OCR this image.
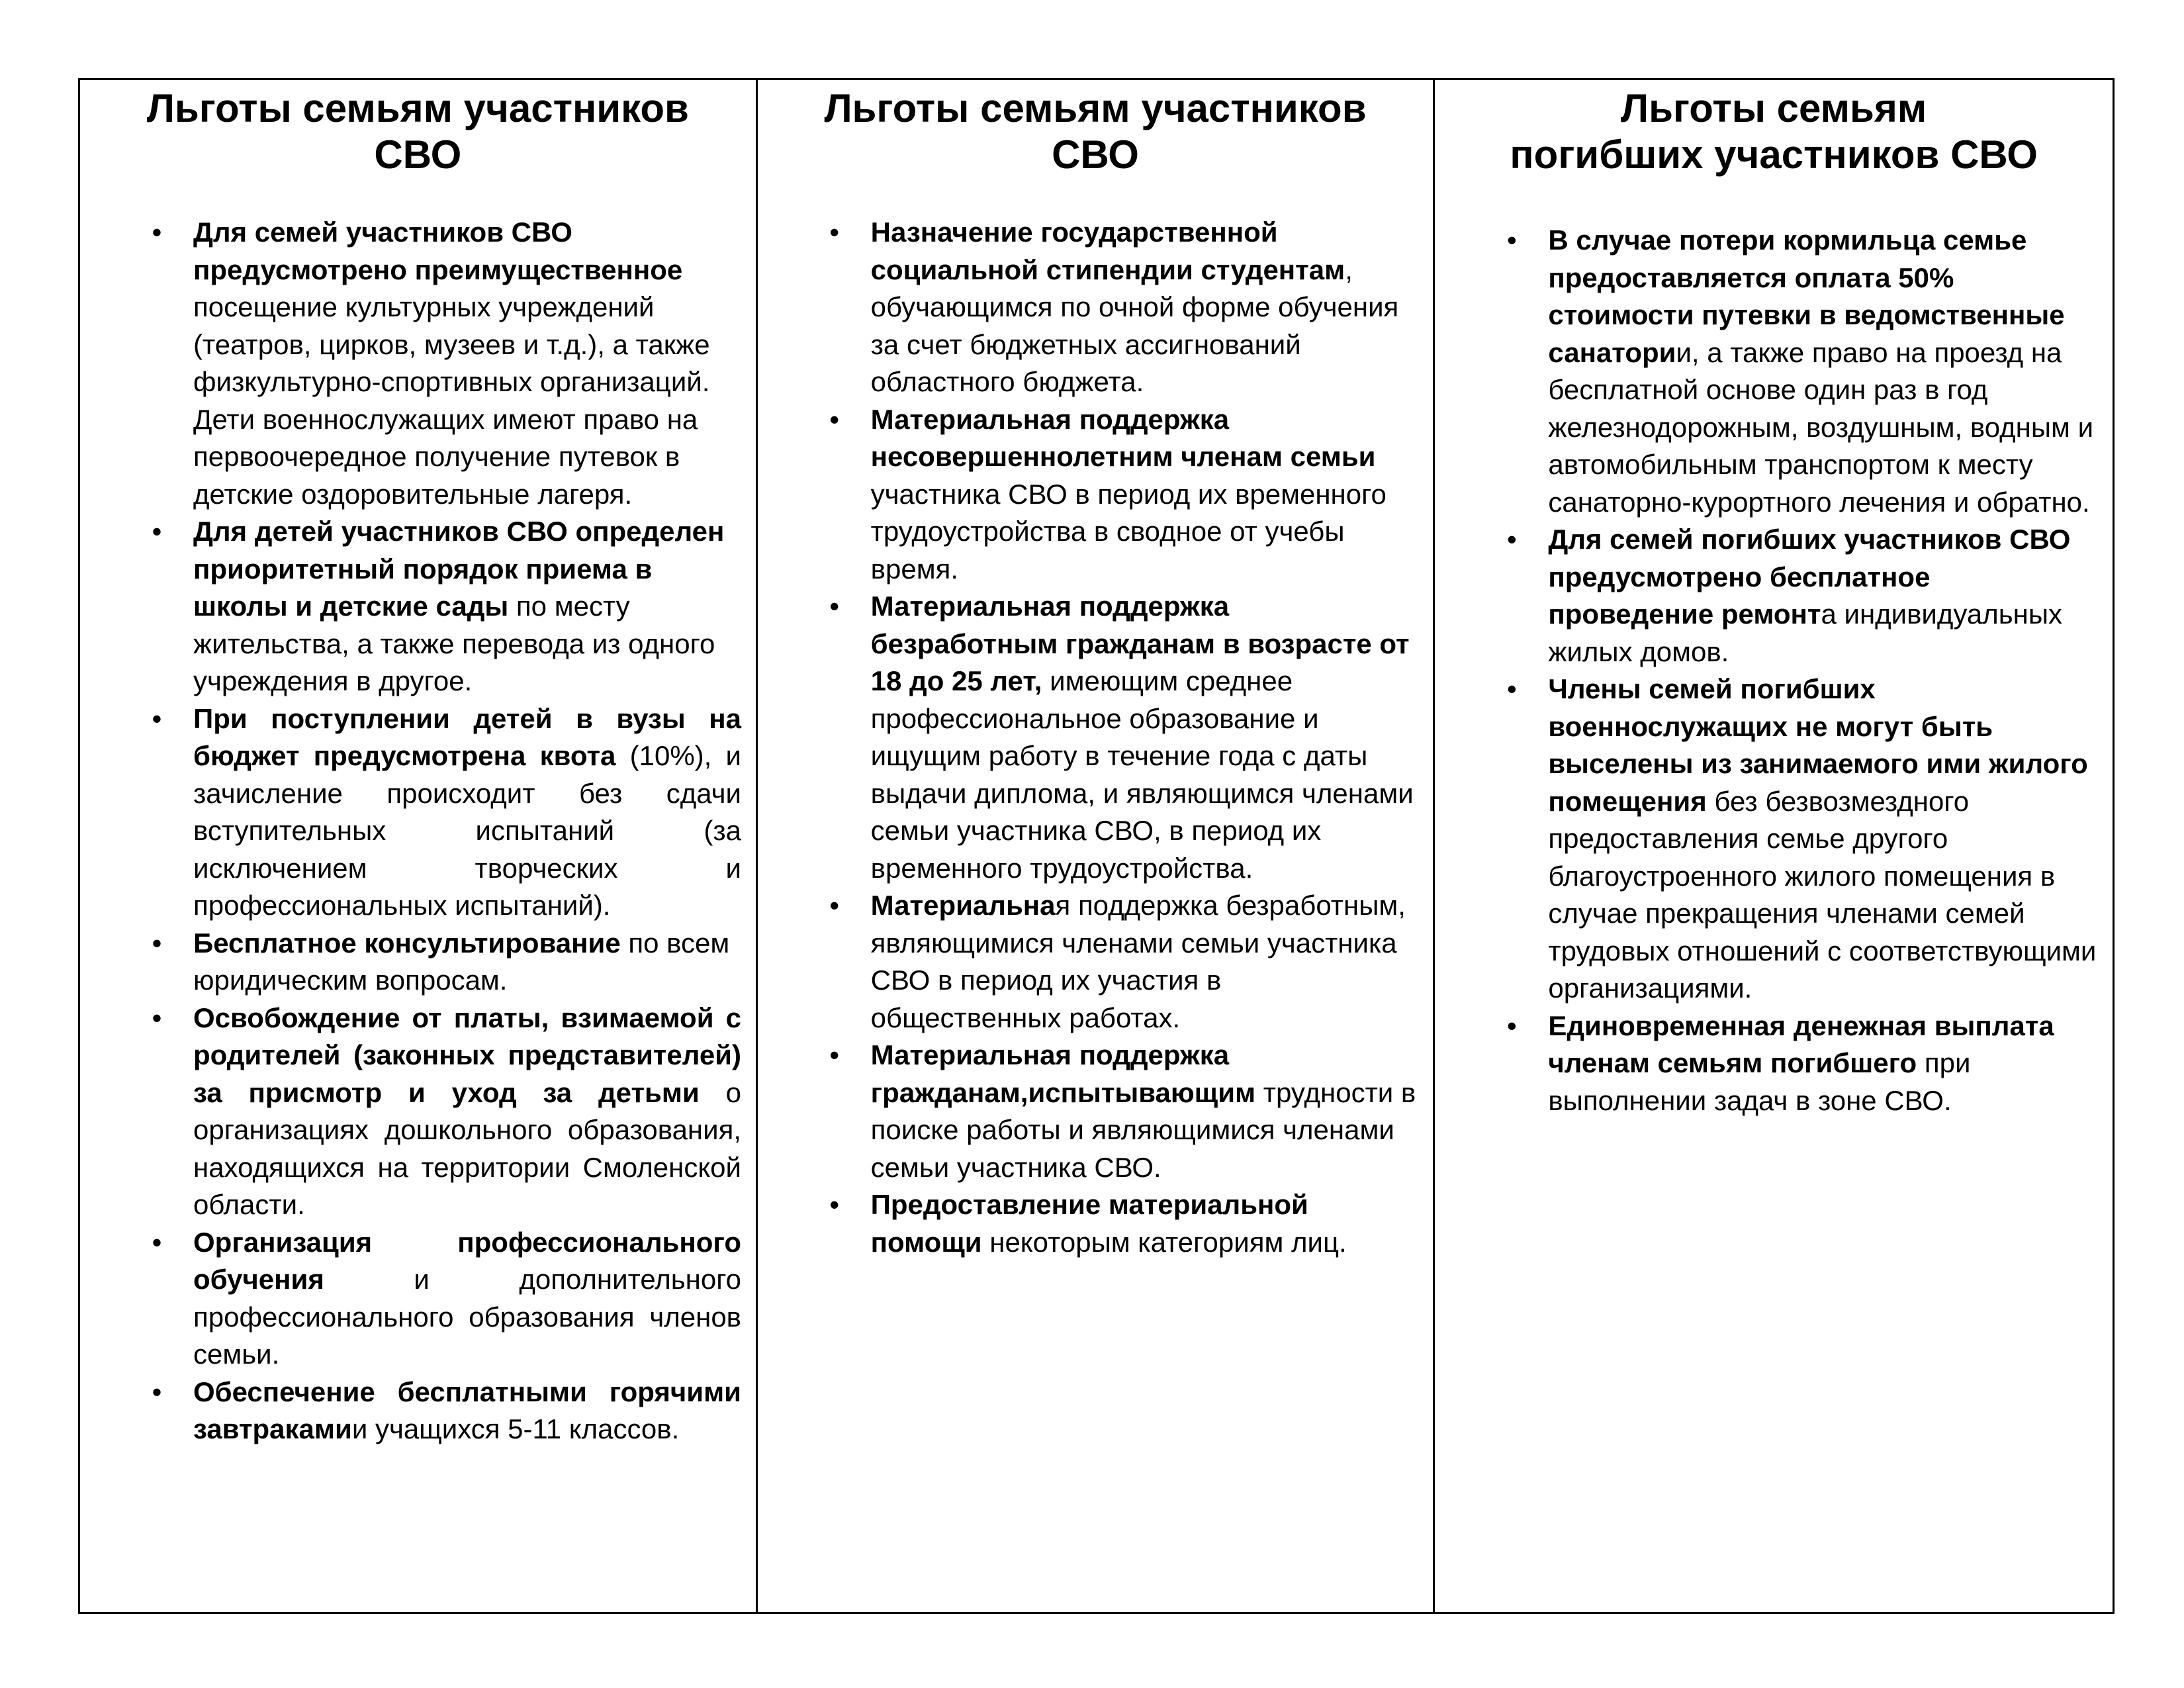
Льготы семьям участников
СВО
• Для семей участников СВО предусмотрено преимущественное посещение культурных учреждений (театров, цирков, музеев и т.д.), а также физкультурно-спортивных организаций. Дети военнослужащих имеют право на первоочередное получение путевок в детские оздоровительные лагеря.
• Для детей участников СВО определен приоритетный порядок приема в школы и детские сады по месту жительства, а также перевода из одного учреждения в другое.
• При поступлении детей в вузы на бюджет предусмотрена квота (10%), и зачисление происходит без сдачи вступительных испытаний (за исключением творческих и профессиональных испытаний).
• Бесплатное консультирование по всем юридическим вопросам.
• Освобождение от платы, взимаемой с родителей (законных представителей) за присмотр и уход за детьми о организациях дошкольного образования, находящихся на территории Смоленской области.
• Организация профессионального обучения и дополнительного профессионального образования членов семьи.
• Обеспечение бесплатными горячими завтракамии учащихся 5-11 классов.
Льготы семьям участников
СВО
• Назначение государственной социальной стипендии студентам, обучающимся по очной форме обучения за счет бюджетных ассигнований областного бюджета.
• Материальная поддержка несовершеннолетним членам семьи участника СВО в период их временного трудоустройства в сводное от учебы время.
• Материальная поддержка безработным гражданам в возрасте от 18 до 25 лет, имеющим среднее профессиональное образование и ищущим работу в течение года с даты выдачи диплома, и являющимся членами семьи участника СВО, в период их временного трудоустройства.
• Материальная поддержка безработным, являющимися членами семьи участника СВО в период их участия в общественных работах.
• Материальная поддержка гражданам,испытывающим трудности в поиске работы и являющимися членами семьи участника СВО.
• Предоставление материальной помощи некоторым категориям лиц.
Льготы семьям
погибших участников СВО
• В случае потери кормильца семье предоставляется оплата 50% стоимости путевки в ведомственные санатории, а также право на проезд на бесплатной основе один раз в год железнодорожным, воздушным, водным и автомобильным транспортом к месту санаторно-курортного лечения и обратно.
• Для семей погибших участников СВО предусмотрено бесплатное проведение ремонта индивидуальных жилых домов.
• Члены семей погибших военнослужащих не могут быть выселены из занимаемого ими жилого помещения без безвозмездного предоставления семье другого благоустроенного жилого помещения в случае прекращения членами семей трудовых отношений с соответствующими организациями.
• Единовременная денежная выплата членам семьям погибшего при выполнении задач в зоне СВО.
